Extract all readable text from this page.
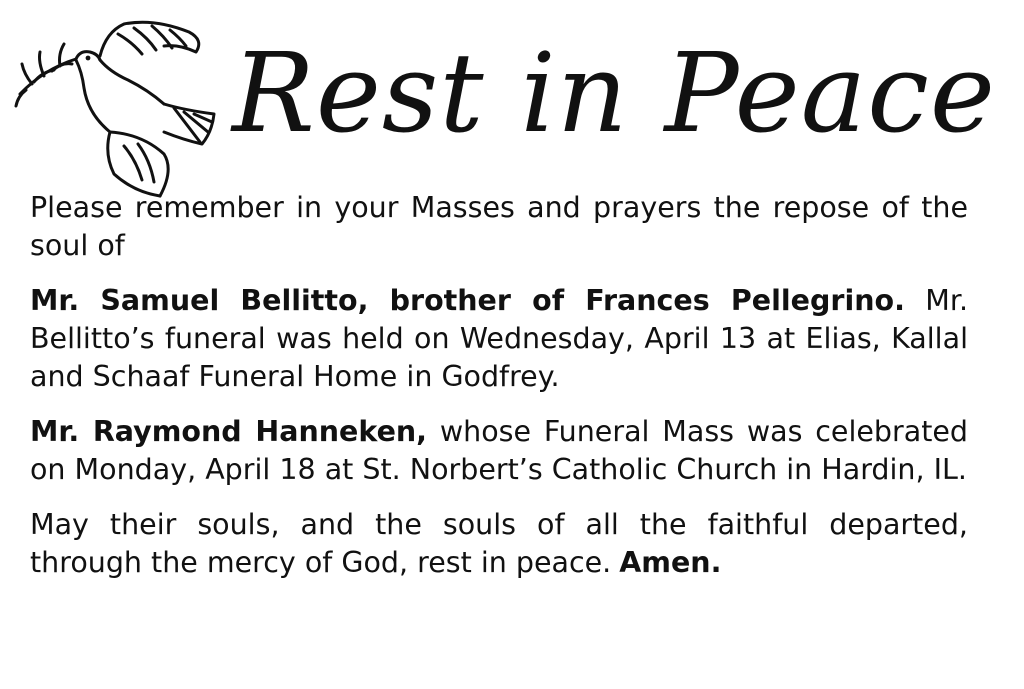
Rest in Peace

Please remember in your Masses and prayers the repose of the soul of

Mr. Samuel Bellitto, brother of Frances Pellegrino. Mr. Bellitto’s funeral was held on Wednesday, April 13 at Elias, Kallal and Schaaf Funeral Home in Godfrey.

Mr. Raymond Hanneken, whose Funeral Mass was celebrated on Monday, April 18 at St. Norbert’s Catholic Church in Hardin, IL.

May their souls, and the souls of all the faithful departed, through the mercy of God, rest in peace. Amen.
